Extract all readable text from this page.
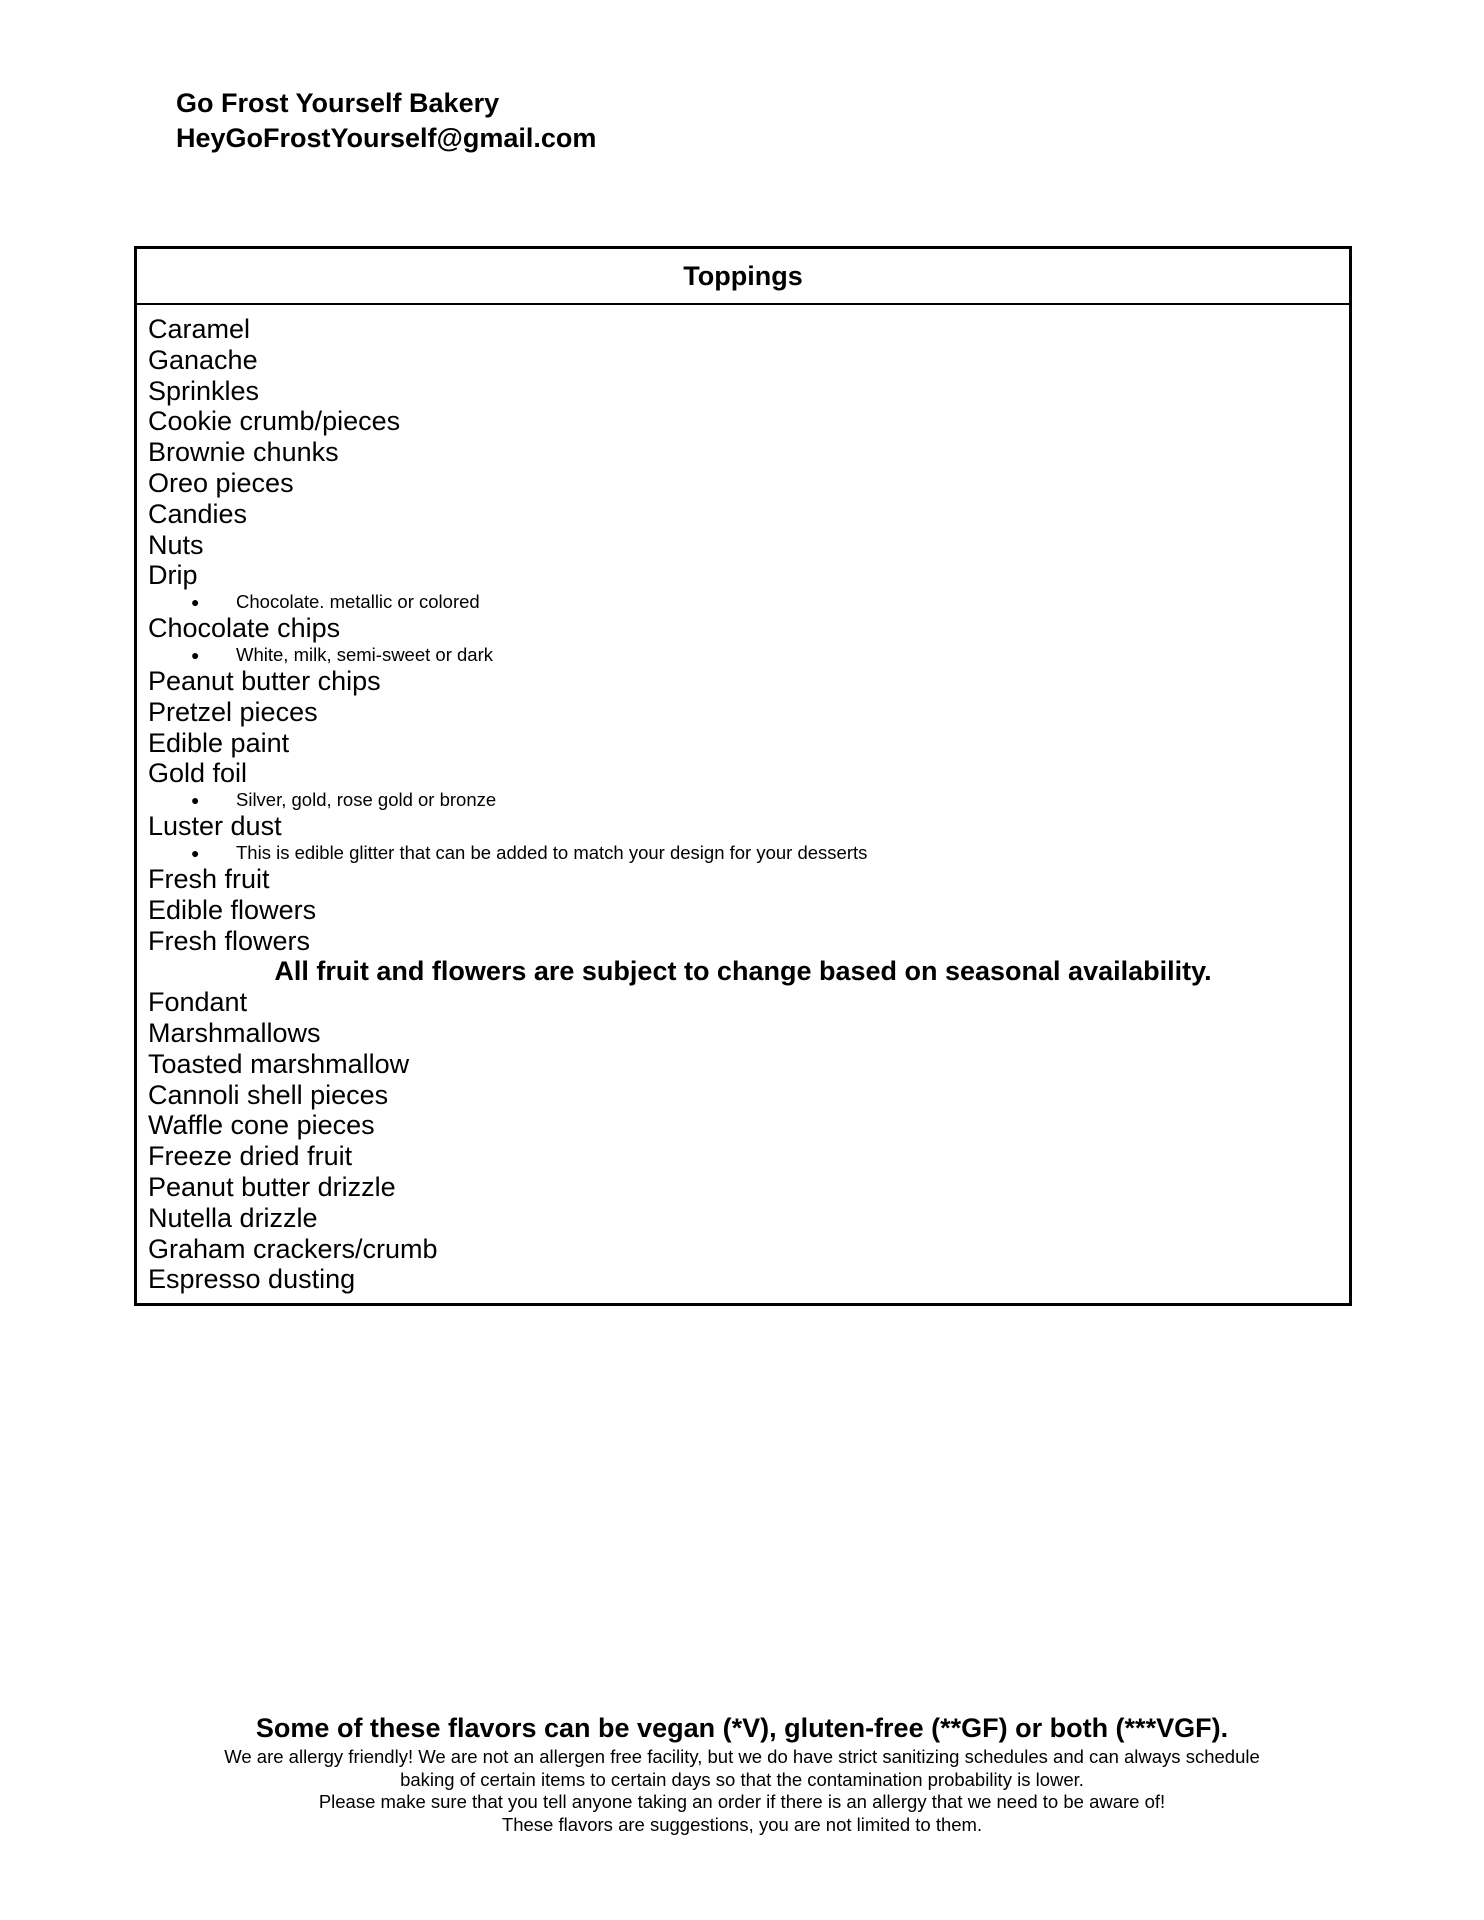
Go Frost Yourself Bakery
HeyGoFrostYourself@gmail.com
Toppings
Caramel
Ganache
Sprinkles
Cookie crumb/pieces
Brownie chunks
Oreo pieces
Candies
Nuts
Drip
● Chocolate. metallic or colored
Chocolate chips
● White, milk, semi-sweet or dark
Peanut butter chips
Pretzel pieces
Edible paint
Gold foil
● Silver, gold, rose gold or bronze
Luster dust
● This is edible glitter that can be added to match your design for your desserts
Fresh fruit
Edible flowers
Fresh flowers
All fruit and flowers are subject to change based on seasonal availability.
Fondant
Marshmallows
Toasted marshmallow
Cannoli shell pieces
Waffle cone pieces
Freeze dried fruit
Peanut butter drizzle
Nutella drizzle
Graham crackers/crumb
Espresso dusting
Some of these flavors can be vegan (*V), gluten-free (**GF) or both (***VGF).
We are allergy friendly! We are not an allergen free facility, but we do have strict sanitizing schedules and can always schedule
baking of certain items to certain days so that the contamination probability is lower.
Please make sure that you tell anyone taking an order if there is an allergy that we need to be aware of!
These flavors are suggestions, you are not limited to them.
